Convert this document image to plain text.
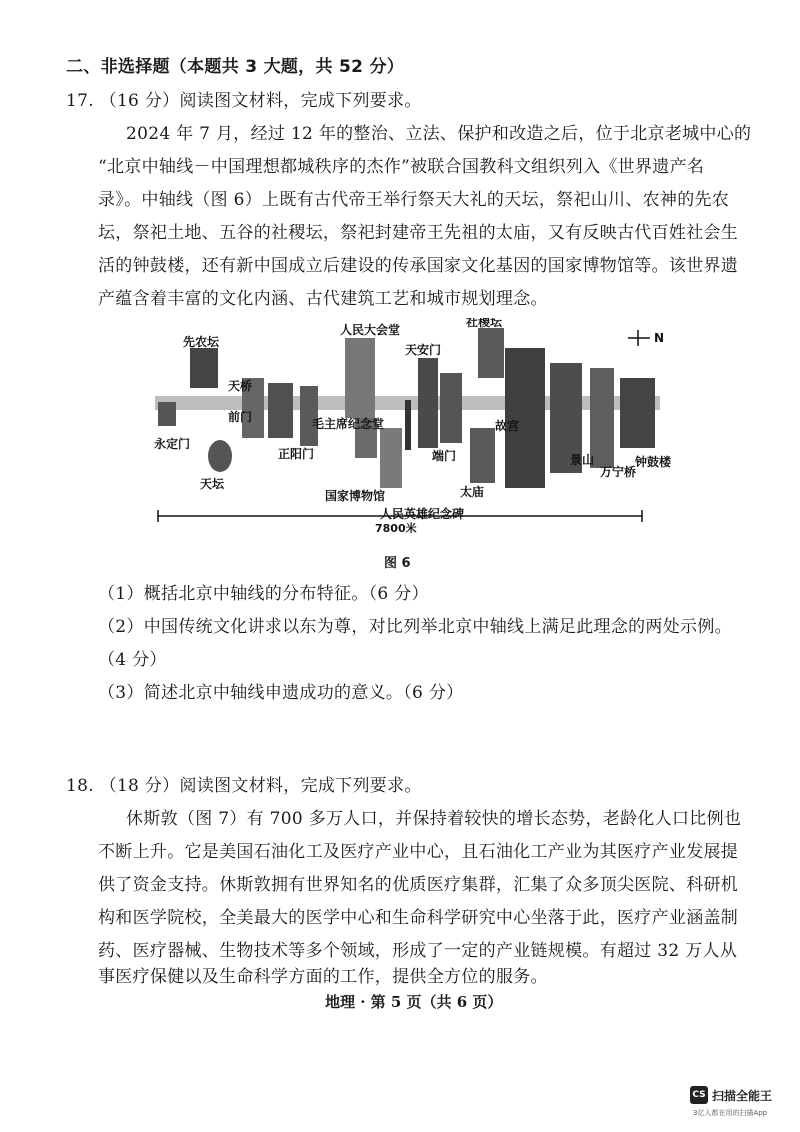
二、非选择题（本题共 3 大题，共 52 分）
17. （16 分）阅读图文材料，完成下列要求。
2024 年 7 月，经过 12 年的整治、立法、保护和改造之后，位于北京老城中心的
“北京中轴线－中国理想都城秩序的杰作”被联合国教科文组织列入《世界遗产名
录》。中轴线（图 6）上既有古代帝王举行祭天大礼的天坛，祭祀山川、农神的先农
坛，祭祀土地、五谷的社稷坛，祭祀封建帝王先祖的太庙，又有反映古代百姓社会生
活的钟鼓楼，还有新中国成立后建设的传承国家文化基因的国家博物馆等。该世界遗
产蕴含着丰富的文化内涵、古代建筑工艺和城市规划理念。
先农坛
天桥
前门
永定门
天坛
正阳门
人民大会堂
毛主席纪念堂
国家博物馆
人民英雄纪念碑
天安门
端门
社稷坛
太庙
故宫
景山
万宁桥
钟鼓楼
N
7800米
图 6
（1）概括北京中轴线的分布特征。（6 分）
（2）中国传统文化讲求以东为尊，对比列举北京中轴线上满足此理念的两处示例。
（4 分）
（3）简述北京中轴线申遗成功的意义。（6 分）
18. （18 分）阅读图文材料，完成下列要求。
休斯敦（图 7）有 700 多万人口，并保持着较快的增长态势，老龄化人口比例也
不断上升。它是美国石油化工及医疗产业中心，且石油化工产业为其医疗产业发展提
供了资金支持。休斯敦拥有世界知名的优质医疗集群，汇集了众多顶尖医院、科研机
构和医学院校，全美最大的医学中心和生命科学研究中心坐落于此，医疗产业涵盖制
药、医疗器械、生物技术等多个领域，形成了一定的产业链规模。有超过 32 万人从
事医疗保健以及生命科学方面的工作，提供全方位的服务。
地理 · 第 5 页（共 6 页）
CS 扫描全能王
3亿人都在用的扫描App
